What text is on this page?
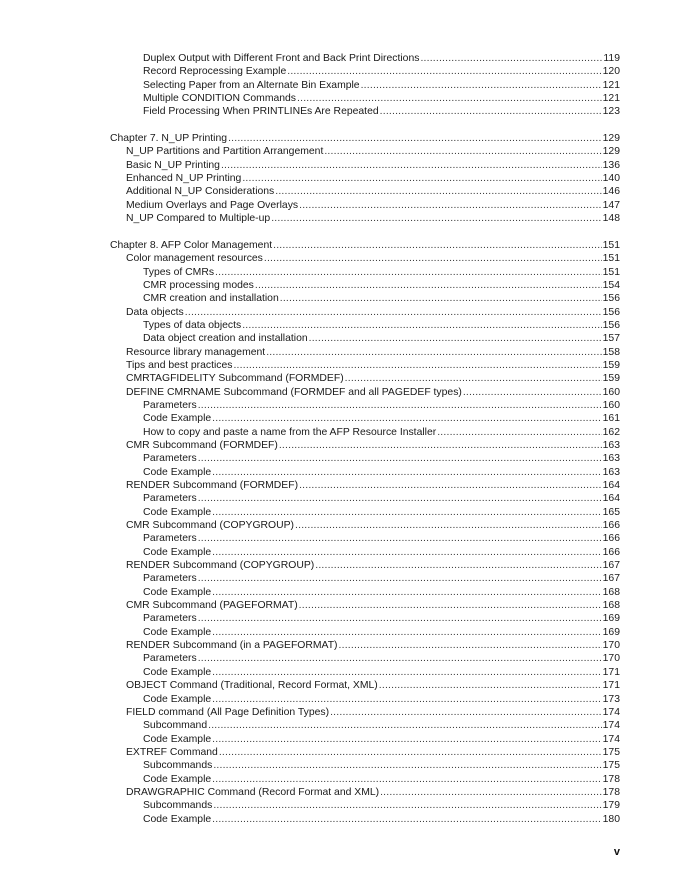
Duplex Output with Different Front and Back Print Directions .....	119
Record Reprocessing Example .....	120
Selecting Paper from an Alternate Bin Example .....	121
Multiple CONDITION Commands .....	121
Field Processing When PRINTLINEs Are Repeated .....	123
Chapter 7. N_UP Printing .....	129
N_UP Partitions and Partition Arrangement .....	129
Basic N_UP Printing .....	136
Enhanced N_UP Printing .....	140
Additional N_UP Considerations .....	146
Medium Overlays and Page Overlays .....	147
N_UP Compared to Multiple-up .....	148
Chapter 8. AFP Color Management .....	151
Color management resources .....	151
Types of CMRs .....	151
CMR processing modes .....	154
CMR creation and installation .....	156
Data objects .....	156
Types of data objects .....	156
Data object creation and installation .....	157
Resource library management .....	158
Tips and best practices .....	159
CMRTAGFIDELITY Subcommand (FORMDEF) .....	159
DEFINE CMRNAME Subcommand (FORMDEF and all PAGEDEF types) .....	160
Parameters .....	160
Code Example .....	161
How to copy and paste a name from the AFP Resource Installer .....	162
CMR Subcommand (FORMDEF) .....	163
Parameters .....	163
Code Example .....	163
RENDER Subcommand (FORMDEF) .....	164
Parameters .....	164
Code Example .....	165
CMR Subcommand (COPYGROUP) .....	166
Parameters .....	166
Code Example .....	166
RENDER Subcommand (COPYGROUP) .....	167
Parameters .....	167
Code Example .....	168
CMR Subcommand (PAGEFORMAT) .....	168
Parameters .....	169
Code Example .....	169
RENDER Subcommand (in a PAGEFORMAT) .....	170
Parameters .....	170
Code Example .....	171
OBJECT Command (Traditional, Record Format, XML) .....	171
Code Example .....	173
FIELD command (All Page Definition Types) .....	174
Subcommand .....	174
Code Example .....	174
EXTREF Command .....	175
Subcommands .....	175
Code Example .....	178
DRAWGRAPHIC Command (Record Format and XML) .....	178
Subcommands .....	179
Code Example .....	180
v
